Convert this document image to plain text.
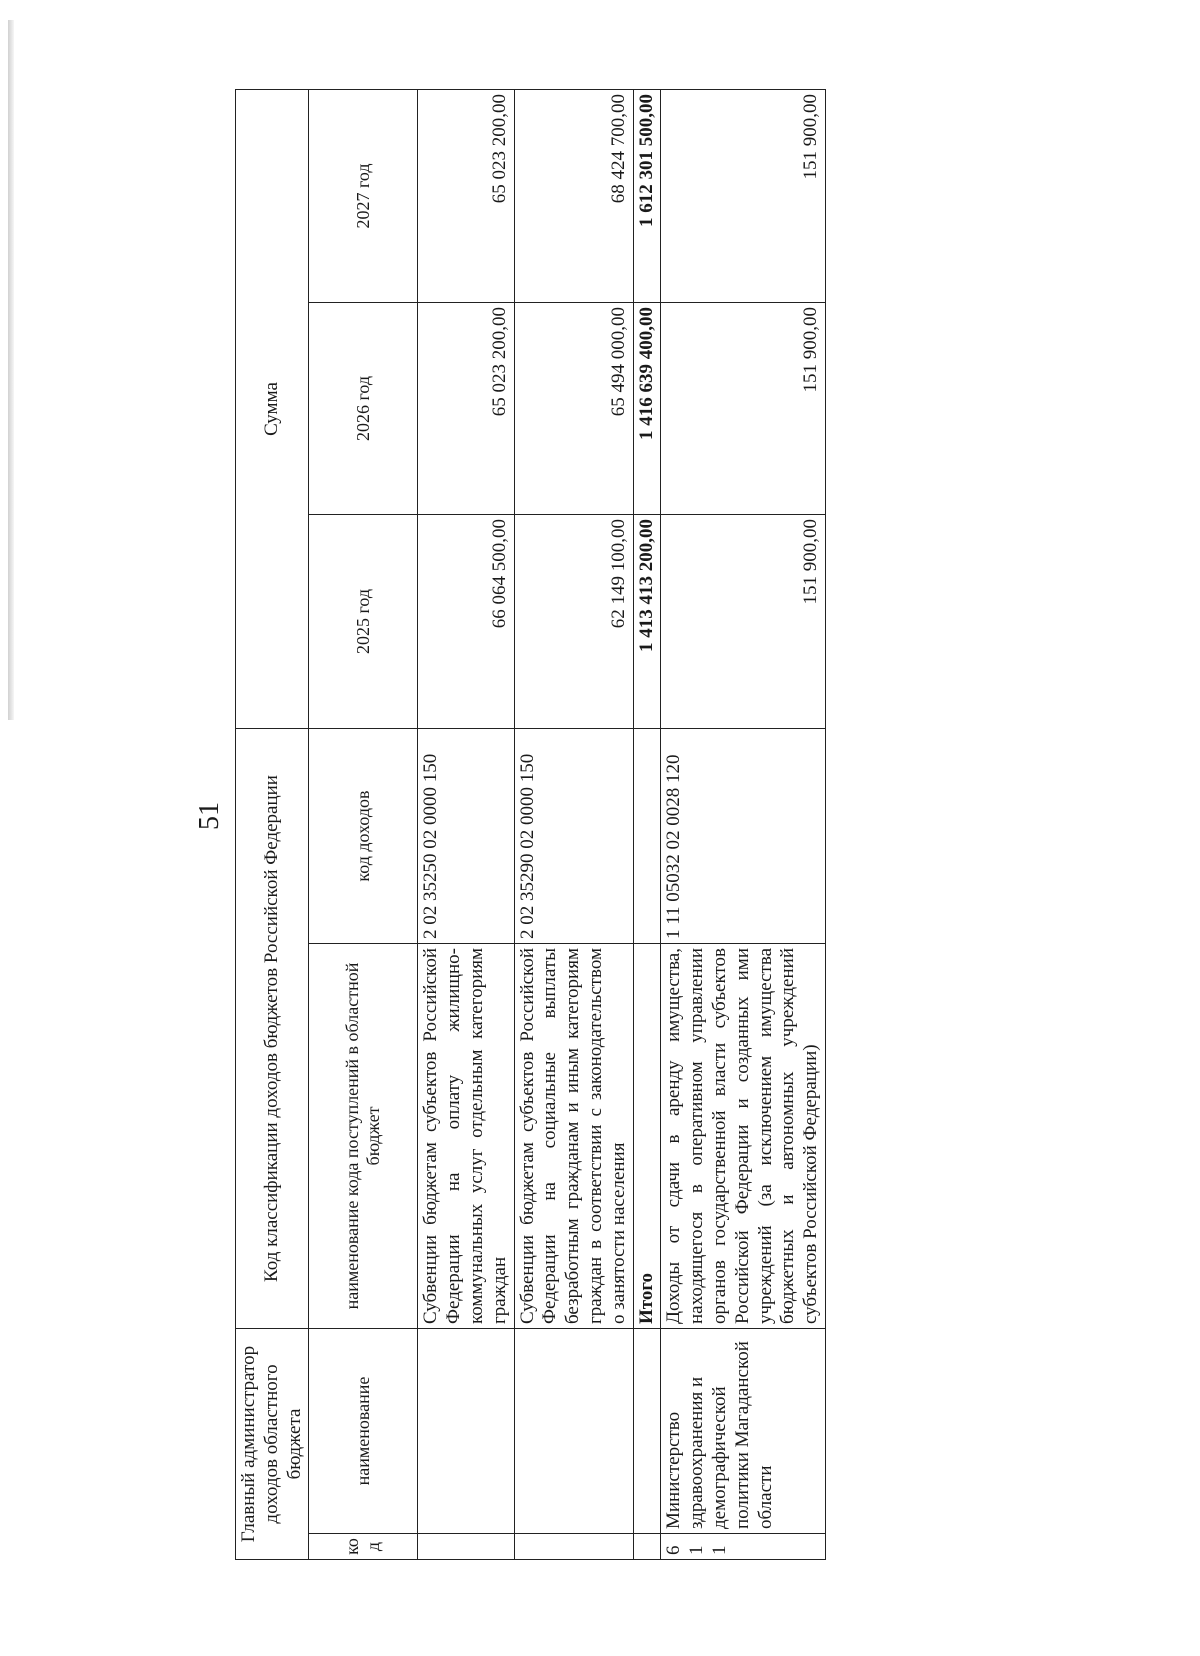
51
Главный администратор доходов областного бюджета		Код классификации доходов бюджетов Российской Федерации		Сумма		
код	наименование	наименование кода поступлений в областной бюджет	код доходов	2025 год	2026 год	2027 год
		Субвенции бюджетам субъектов Российской Федерации на оплату жилищно-коммунальных услуг отдельным категориям граждан	2 02 35250 02 0000 150	66 064 500,00	65 023 200,00	65 023 200,00
		Субвенции бюджетам субъектов Российской Федерации на социальные выплаты безработным гражданам и иным категориям граждан в соответствии с законодательством о занятости населения	2 02 35290 02 0000 150	62 149 100,00	65 494 000,00	68 424 700,00
		Итого		1 413 413 200,00	1 416 639 400,00	1 612 301 500,00
611	Министерство здравоохранения и демографической политики Магаданской области	Доходы от сдачи в аренду имущества, находящегося в оперативном управлении органов государственной власти субъектов Российской Федерации и созданных ими учреждений (за исключением имущества бюджетных и автономных учреждений субъектов Российской Федерации)	1 11 05032 02 0028 120	151 900,00	151 900,00	151 900,00
